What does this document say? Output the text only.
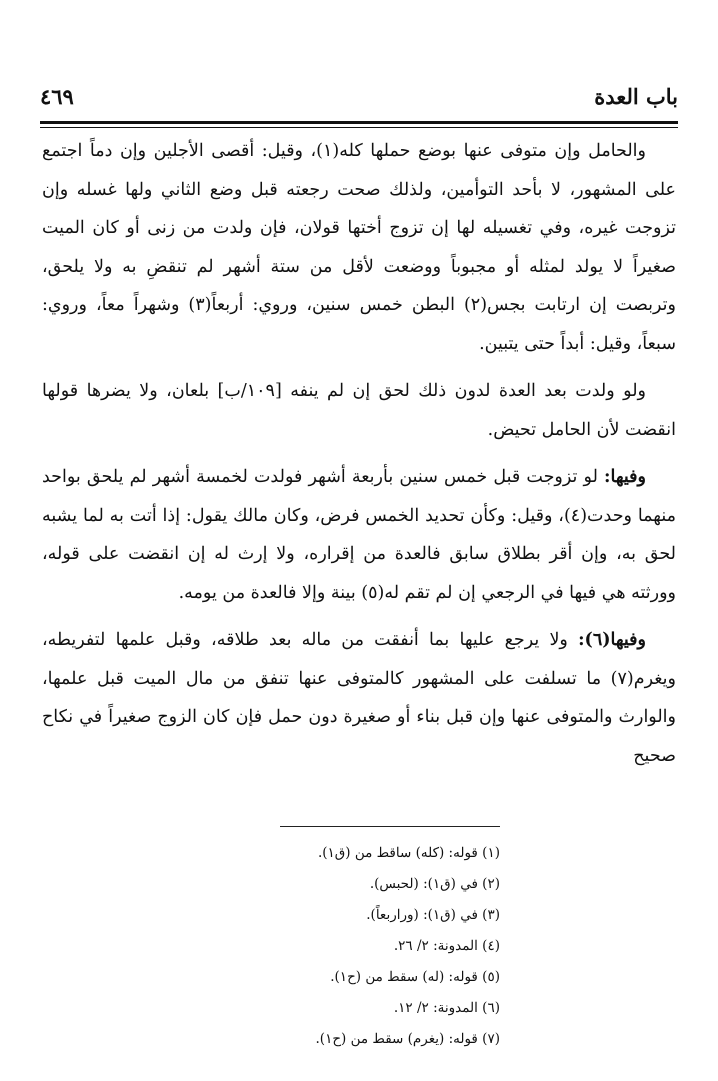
باب العدة
٤٦٩

والحامل وإن متوفى عنها بوضع حملها كله(١)، وقيل: أقصى الأجلين وإن دماً اجتمع على المشهور، لا بأحد التوأمين، ولذلك صحت رجعته قبل وضع الثاني ولها غسله وإن تزوجت غيره، وفي تغسيله لها إن تزوج أختها قولان، فإن ولدت من زنى أو كان الميت صغيراً لا يولد لمثله أو مجبوباً ووضعت لأقل من ستة أشهر لم تنقضِ به ولا يلحق، وتربصت إن ارتابت بجس(٢) البطن خمس سنين، وروي: أربعاً(٣) وشهراً معاً، وروي: سبعاً، وقيل: أبداً حتى يتبين.

ولو ولدت بعد العدة لدون ذلك لحق إن لم ينفه [١٠٩/ب] بلعان، ولا يضرها قولها انقضت لأن الحامل تحيض.

وفيها: لو تزوجت قبل خمس سنين بأربعة أشهر فولدت لخمسة أشهر لم يلحق بواحد منهما وحدت(٤)، وقيل: وكأن تحديد الخمس فرض، وكان مالك يقول: إذا أتت به لما يشبه لحق به، وإن أقر بطلاق سابق فالعدة من إقراره، ولا إرث له إن انقضت على قوله، وورثته هي فيها في الرجعي إن لم تقم له(٥) بينة وإلا فالعدة من يومه.

وفيها(٦): ولا يرجع عليها بما أنفقت من ماله بعد طلاقه، وقبل علمها لتفريطه، ويغرم(٧) ما تسلفت على المشهور كالمتوفى عنها تنفق من مال الميت قبل علمها، والوارث والمتوفى عنها وإن قبل بناء أو صغيرة دون حمل فإن كان الزوج صغيراً في نكاح صحيح

(١) قوله: (كله) ساقط من (ق١).

(٢) في (ق١): (لحبس).

(٣) في (ق١): (وراربعاً).

(٤) المدونة: ٢/ ٢٦.

(٥) قوله: (له) سقط من (ح١).

(٦) المدونة: ٢/ ١٢.

(٧) قوله: (يغرم) سقط من (ح١).
